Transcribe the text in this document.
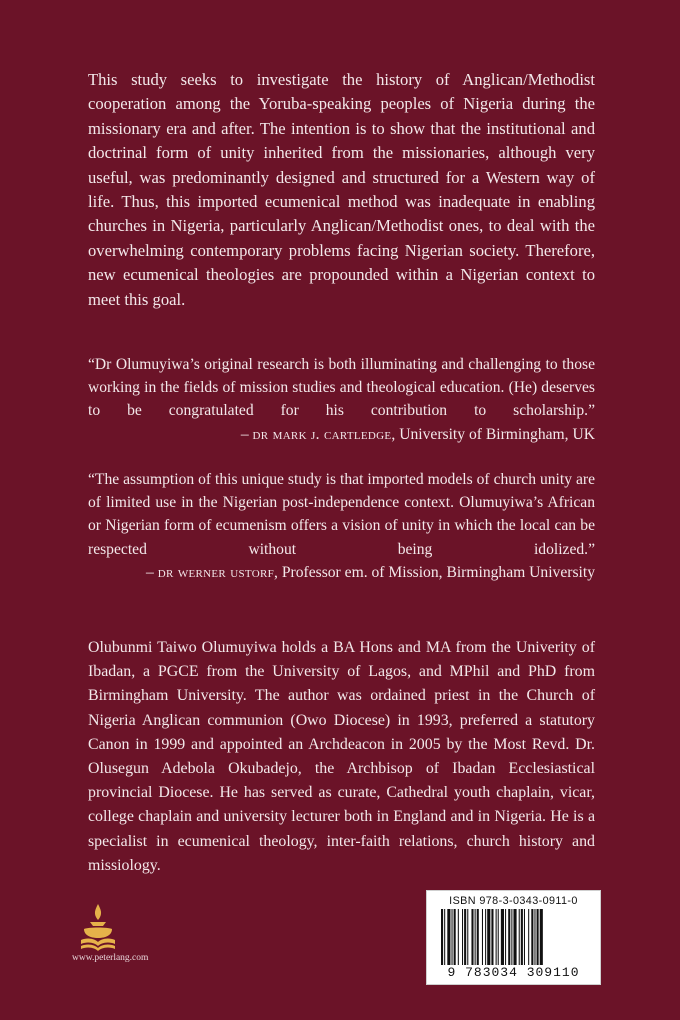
This study seeks to investigate the history of Anglican/Methodist cooperation among the Yoruba-speaking peoples of Nigeria during the missionary era and after. The intention is to show that the institutional and doctrinal form of unity inherited from the missionaries, although very useful, was predominantly designed and structured for a Western way of life. Thus, this imported ecumenical method was inadequate in enabling churches in Nigeria, particularly Anglican/Methodist ones, to deal with the overwhelming contemporary problems facing Nigerian society. Therefore, new ecumenical theologies are propounded within a Nigerian context to meet this goal.

“Dr Olumuyiwa’s original research is both illuminating and challenging to those working in the fields of mission studies and theological education. (He) deserves to be congratulated for his contribution to scholarship.”
– dr mark j. cartledge, University of Birmingham, UK
“The assumption of this unique study is that imported models of church unity are of limited use in the Nigerian post-independence context. Olumuyiwa’s African or Nigerian form of ecumenism offers a vision of unity in which the local can be respected without being idolized.”
– dr werner ustorf, Professor em. of Mission, Birmingham University

Olubunmi Taiwo Olumuyiwa holds a BA Hons and MA from the Univerity of Ibadan, a PGCE from the University of Lagos, and MPhil and PhD from Birmingham University. The author was ordained priest in the Church of Nigeria Anglican communion (Owo Diocese) in 1993, preferred a statutory Canon in 1999 and appointed an Archdeacon in 2005 by the Most Revd. Dr. Olusegun Adebola Okubadejo, the Archbisop of Ibadan Ecclesiastical provincial Diocese. He has served as curate, Cathedral youth chaplain, vicar, college chaplain and university lecturer both in England and in Nigeria. He is a specialist in ecumenical theology, inter-faith relations, church history and missiology.

www.peterlang.com
ISBN 978-3-0343-0911-0
9 783034 309110
